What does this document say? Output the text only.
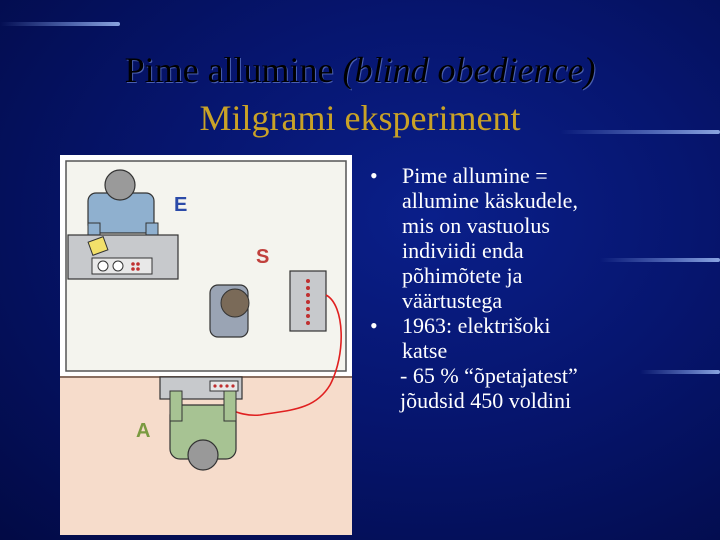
Pime allumine (blind obedience)
Milgrami eksperiment
E
S
A
•	Pime allumine =
allumine käskudele,
mis on vastuolus
indiviidi enda
põhimõtete ja
väärtustega
•	1963: elektrišoki
katse
- 65 % “õpetajatest”
jõudsid 450 voldini
